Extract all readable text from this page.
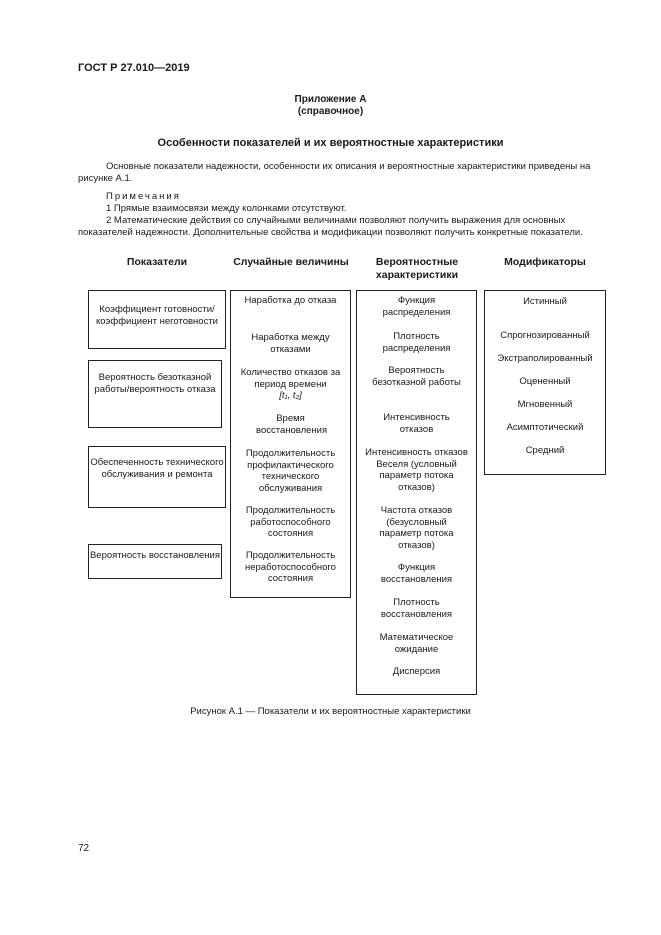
ГОСТ Р 27.010—2019
Приложение А
(справочное)
Особенности показателей и их вероятностные характеристики
Основные показатели надежности, особенности их описания и вероятностные характеристики приведены на рисунке А.1.
Примечания
1 Прямые взаимосвязи между колонками отсутствуют.
2 Математические действия со случайными величинами позволяют получить выражения для основных показателей надежности. Дополнительные свойства и модификации позволяют получить конкретные показатели.
Показатели	Случайные величины	Вероятностные характеристики
Модификаторы
Коэффициент готовности/ коэффициент неготовности
Вероятность безотказной работы/вероятность отказа
Обеспеченность технического обслуживания и ремонта
Вероятность восстановления
Наработка до отказа
Наработка между отказами
Количество отказов за период времени
[t₁, t₂]
Время восстановления
Продолжительность профилактического технического обслуживания
Продолжительность работоспособного состояния
Продолжительность неработоспособного состояния
Функция распределения
Плотность распределения
Вероятность безотказной работы
Интенсивность отказов
Интенсивность отказов Веселя (условный параметр потока отказов)
Частота отказов (безусловный параметр потока отказов)
Функция восстановления
Плотность восстановления
Математическое ожидание
Дисперсия
Истинный
Спрогнозированный
Экстраполированный
Оцененный
Мгновенный
Асимптотический
Средний
Рисунок А.1 — Показатели и их вероятностные характеристики
72
